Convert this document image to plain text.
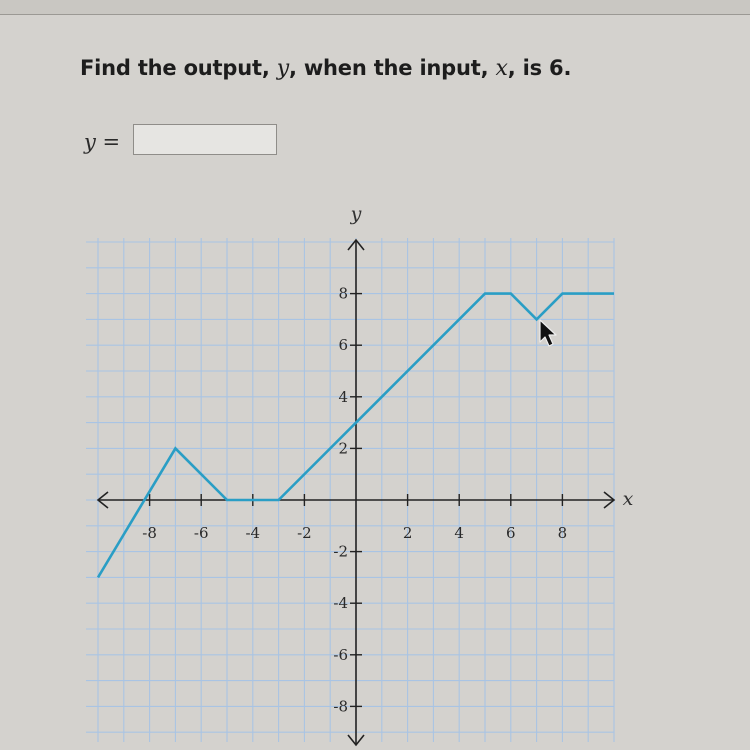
Find the output, y, when the input, x, is 6.
y =
-8 -6 -4 -2	2	4	6	8
8
6
4
2
-2
-4
-6
-8
x
y
